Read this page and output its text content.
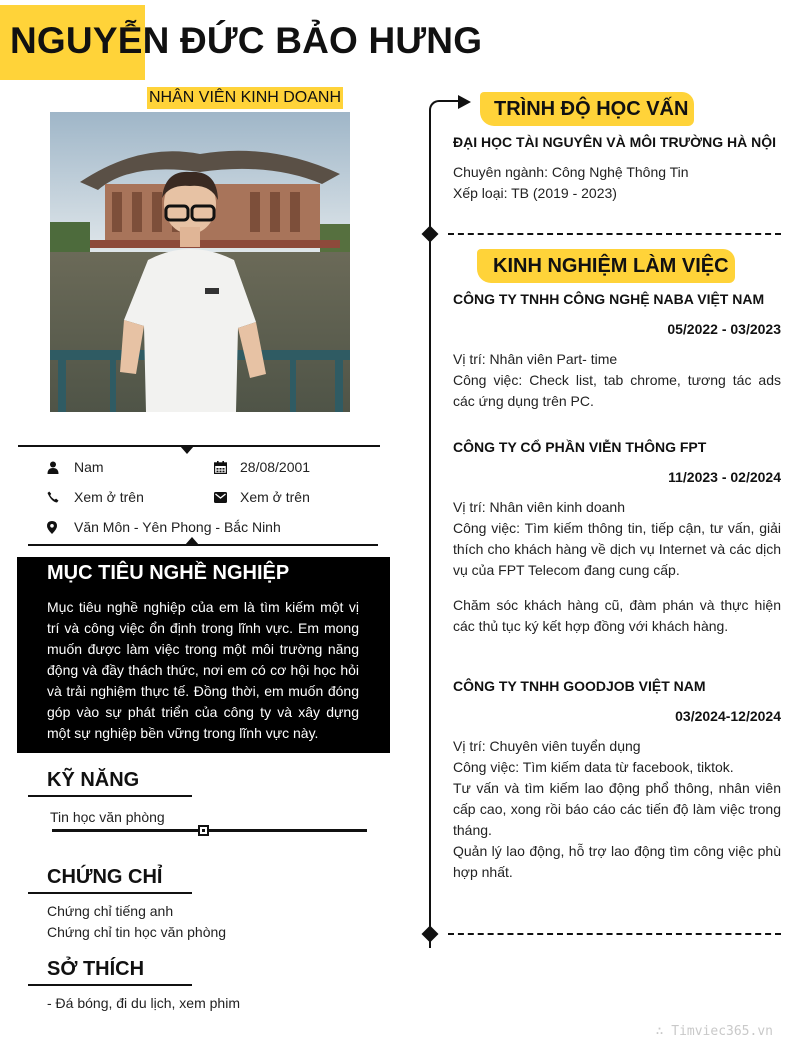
NGUYỄN ĐỨC BẢO HƯNG
NHÂN VIÊN KINH DOANH
Nam	28/08/2001
Xem ở trên	Xem ở trên
Văn Môn - Yên Phong - Bắc Ninh
MỤC TIÊU NGHỀ NGHIỆP
Mục tiêu nghề nghiệp của em là tìm kiếm một vị trí và công việc ổn định trong lĩnh vực. Em mong muốn được làm việc trong một môi trường năng động và đầy thách thức, nơi em có cơ hội học hỏi và trải nghiệm thực tế. Đồng thời, em muốn đóng góp vào sự phát triển của công ty và xây dựng một sự nghiệp bền vững trong lĩnh vực này.
KỸ NĂNG
Tin học văn phòng
CHỨNG CHỈ
Chứng chỉ tiếng anh
Chứng chỉ tin học văn phòng
SỞ THÍCH
- Đá bóng, đi du lịch, xem phim
TRÌNH ĐỘ HỌC VẤN
ĐẠI HỌC TÀI NGUYÊN VÀ MÔI TRƯỜNG HÀ NỘI
Chuyên ngành: Công Nghệ Thông Tin
Xếp loại: TB (2019 - 2023)
KINH NGHIỆM LÀM VIỆC
CÔNG TY TNHH CÔNG NGHỆ NABA VIỆT NAM
05/2022 - 03/2023
Vị trí: Nhân viên Part- time
Công việc: Check list, tab chrome, tương tác ads các ứng dụng trên PC.
CÔNG TY CỔ PHẦN VIỄN THÔNG FPT
11/2023 - 02/2024
Vị trí: Nhân viên kinh doanh
Công việc: Tìm kiếm thông tin, tiếp cận, tư vấn, giải thích cho khách hàng về dịch vụ Internet và các dịch vụ của FPT Telecom đang cung cấp.
Chăm sóc khách hàng cũ, đàm phán và thực hiện các thủ tục ký kết hợp đồng với khách hàng.
CÔNG TY TNHH GOODJOB VIỆT NAM
03/2024-12/2024
Vị trí: Chuyên viên tuyển dụng
Công việc: Tìm kiếm data từ facebook, tiktok.
Tư vấn và tìm kiếm lao động phổ thông, nhân viên cấp cao, xong rồi báo cáo các tiến độ làm việc trong tháng.
Quản lý lao động, hỗ trợ lao động tìm công việc phù hợp nhất.
∴ Timviec365.vn
